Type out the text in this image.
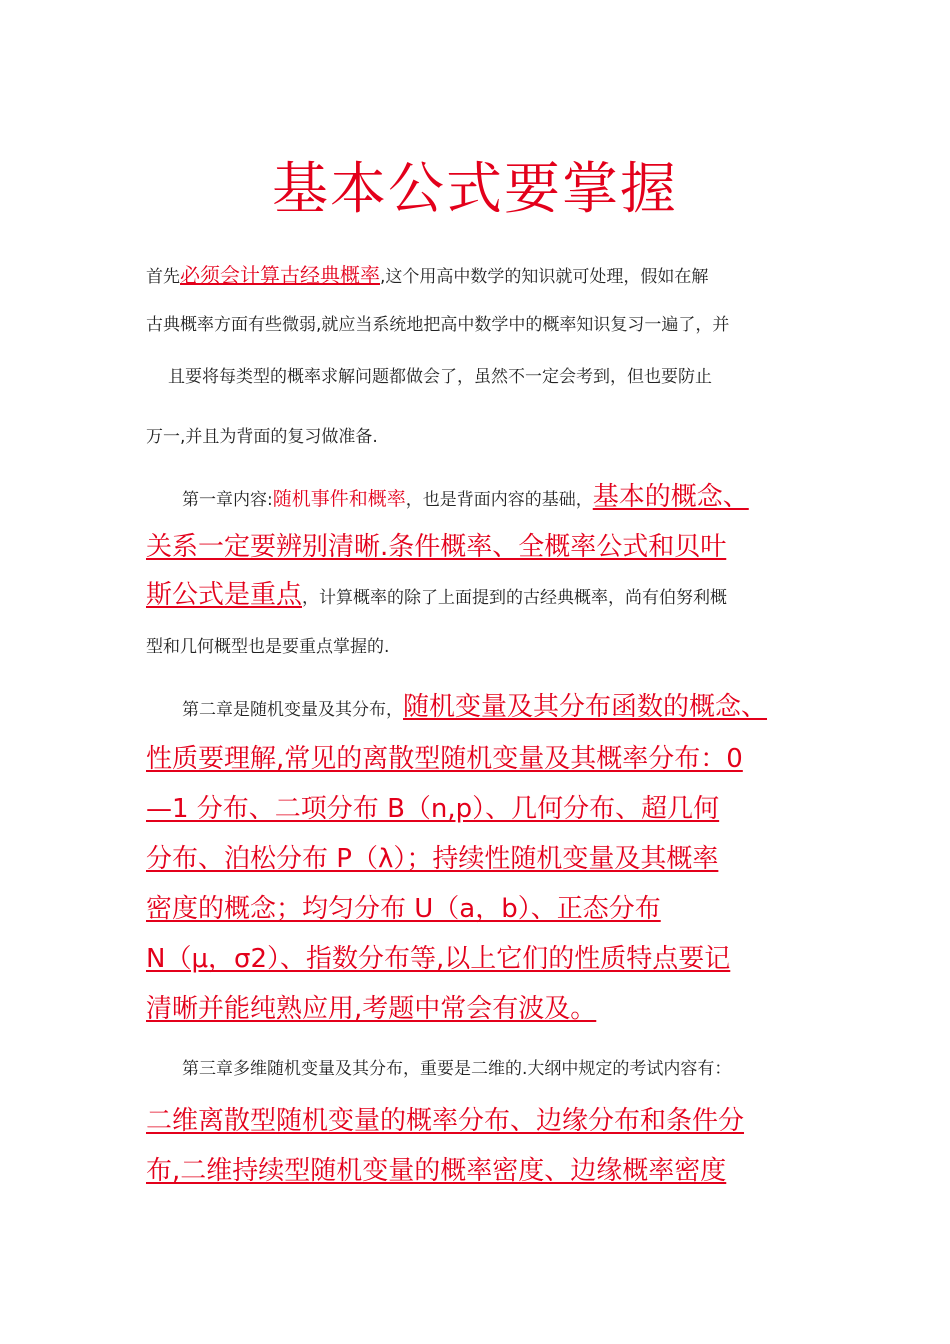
基本公式要掌握

首先必须会计算古经典概率,这个用高中数学的知识就可处理，假如在解

古典概率方面有些微弱,就应当系统地把高中数学中的概率知识复习一遍了，并

且要将每类型的概率求解问题都做会了，虽然不一定会考到，但也要防止

万一,并且为背面的复习做准备.

第一章内容:随机事件和概率，也是背面内容的基础，基本的概念、

关系一定要辨别清晰.条件概率、全概率公式和贝叶

斯公式是重点，计算概率的除了上面提到的古经典概率，尚有伯努利概

型和几何概型也是要重点掌握的.

第二章是随机变量及其分布，随机变量及其分布函数的概念、

性质要理解,常见的离散型随机变量及其概率分布：0

—1 分布、二项分布 B（n,p）、几何分布、超几何

分布、泊松分布 P（λ）；持续性随机变量及其概率

密度的概念；均匀分布 U（a，b）、正态分布

N（μ，σ2）、指数分布等,以上它们的性质特点要记

清晰并能纯熟应用,考题中常会有波及。

第三章多维随机变量及其分布，重要是二维的.大纲中规定的考试内容有：

二维离散型随机变量的概率分布、边缘分布和条件分

布,二维持续型随机变量的概率密度、边缘概率密度
